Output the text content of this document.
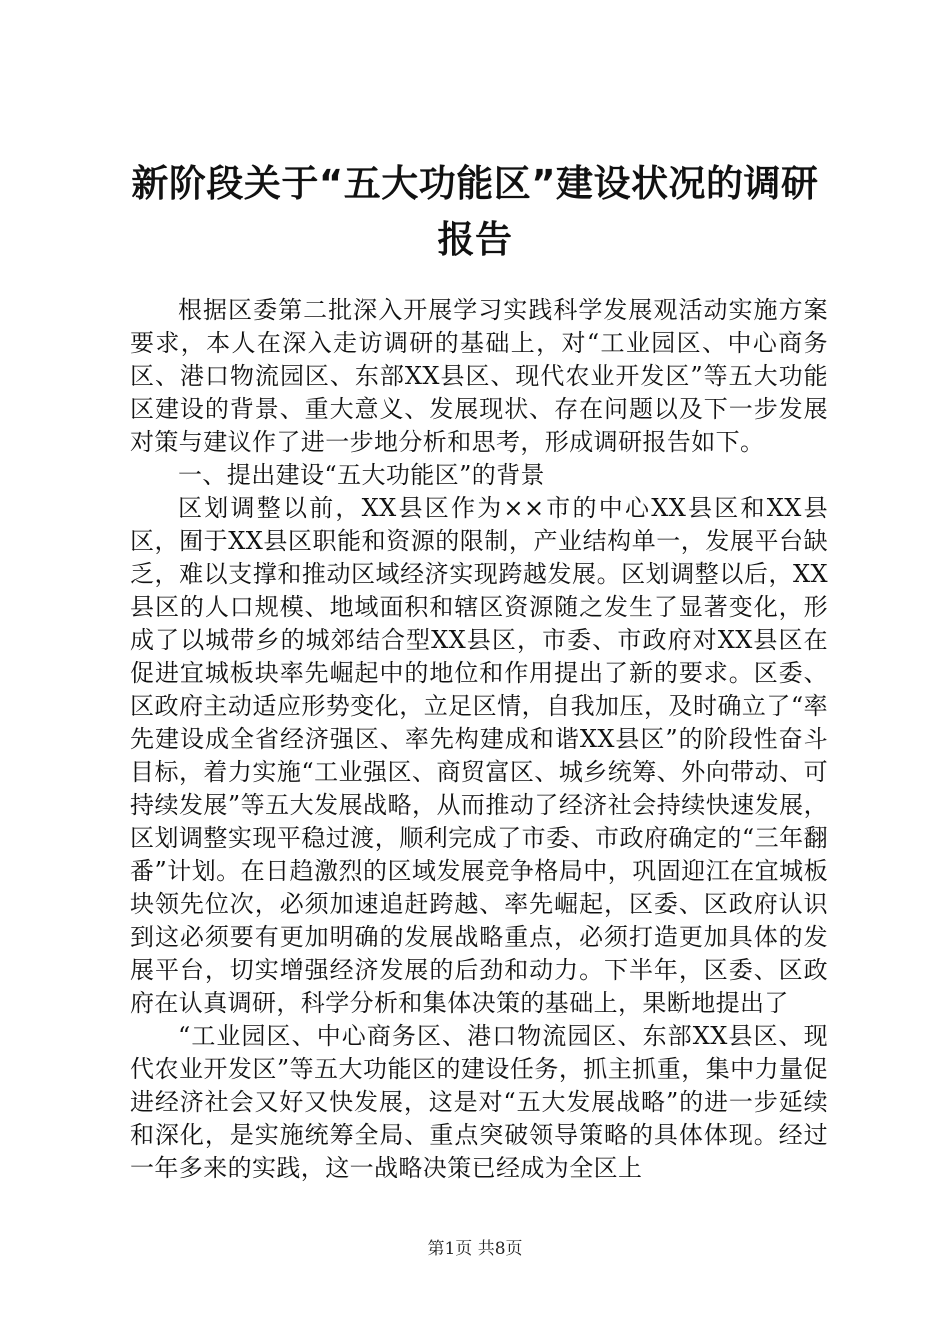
新阶段关于“五大功能区”建设状况的调研报告

根据区委第二批深入开展学习实践科学发展观活动实施方案要求，本人在深入走访调研的基础上，对“工业园区、中心商务区、港口物流园区、东部XX县区、现代农业开发区”等五大功能区建设的背景、重大意义、发展现状、存在问题以及下一步发展对策与建议作了进一步地分析和思考，形成调研报告如下。

一、提出建设“五大功能区”的背景

区划调整以前，XX县区作为××市的中心XX县区和XX县区，囿于XX县区职能和资源的限制，产业结构单一，发展平台缺乏，难以支撑和推动区域经济实现跨越发展。区划调整以后，XX县区的人口规模、地域面积和辖区资源随之发生了显著变化，形成了以城带乡的城郊结合型XX县区，市委、市政府对XX县区在促进宜城板块率先崛起中的地位和作用提出了新的要求。区委、区政府主动适应形势变化，立足区情，自我加压，及时确立了“率先建设成全省经济强区、率先构建成和谐XX县区”的阶段性奋斗目标，着力实施“工业强区、商贸富区、城乡统筹、外向带动、可持续发展”等五大发展战略，从而推动了经济社会持续快速发展，区划调整实现平稳过渡，顺利完成了市委、市政府确定的“三年翻番”计划。在日趋激烈的区域发展竞争格局中，巩固迎江在宜城板块领先位次，必须加速追赶跨越、率先崛起，区委、区政府认识到这必须要有更加明确的发展战略重点，必须打造更加具体的发展平台，切实增强经济发展的后劲和动力。下半年，区委、区政府在认真调研，科学分析和集体决策的基础上，果断地提出了

“工业园区、中心商务区、港口物流园区、东部XX县区、现代农业开发区”等五大功能区的建设任务，抓主抓重，集中力量促进经济社会又好又快发展，这是对“五大发展战略”的进一步延续和深化，是实施统筹全局、重点突破领导策略的具体体现。经过一年多来的实践，这一战略决策已经成为全区上

第1页 共8页
